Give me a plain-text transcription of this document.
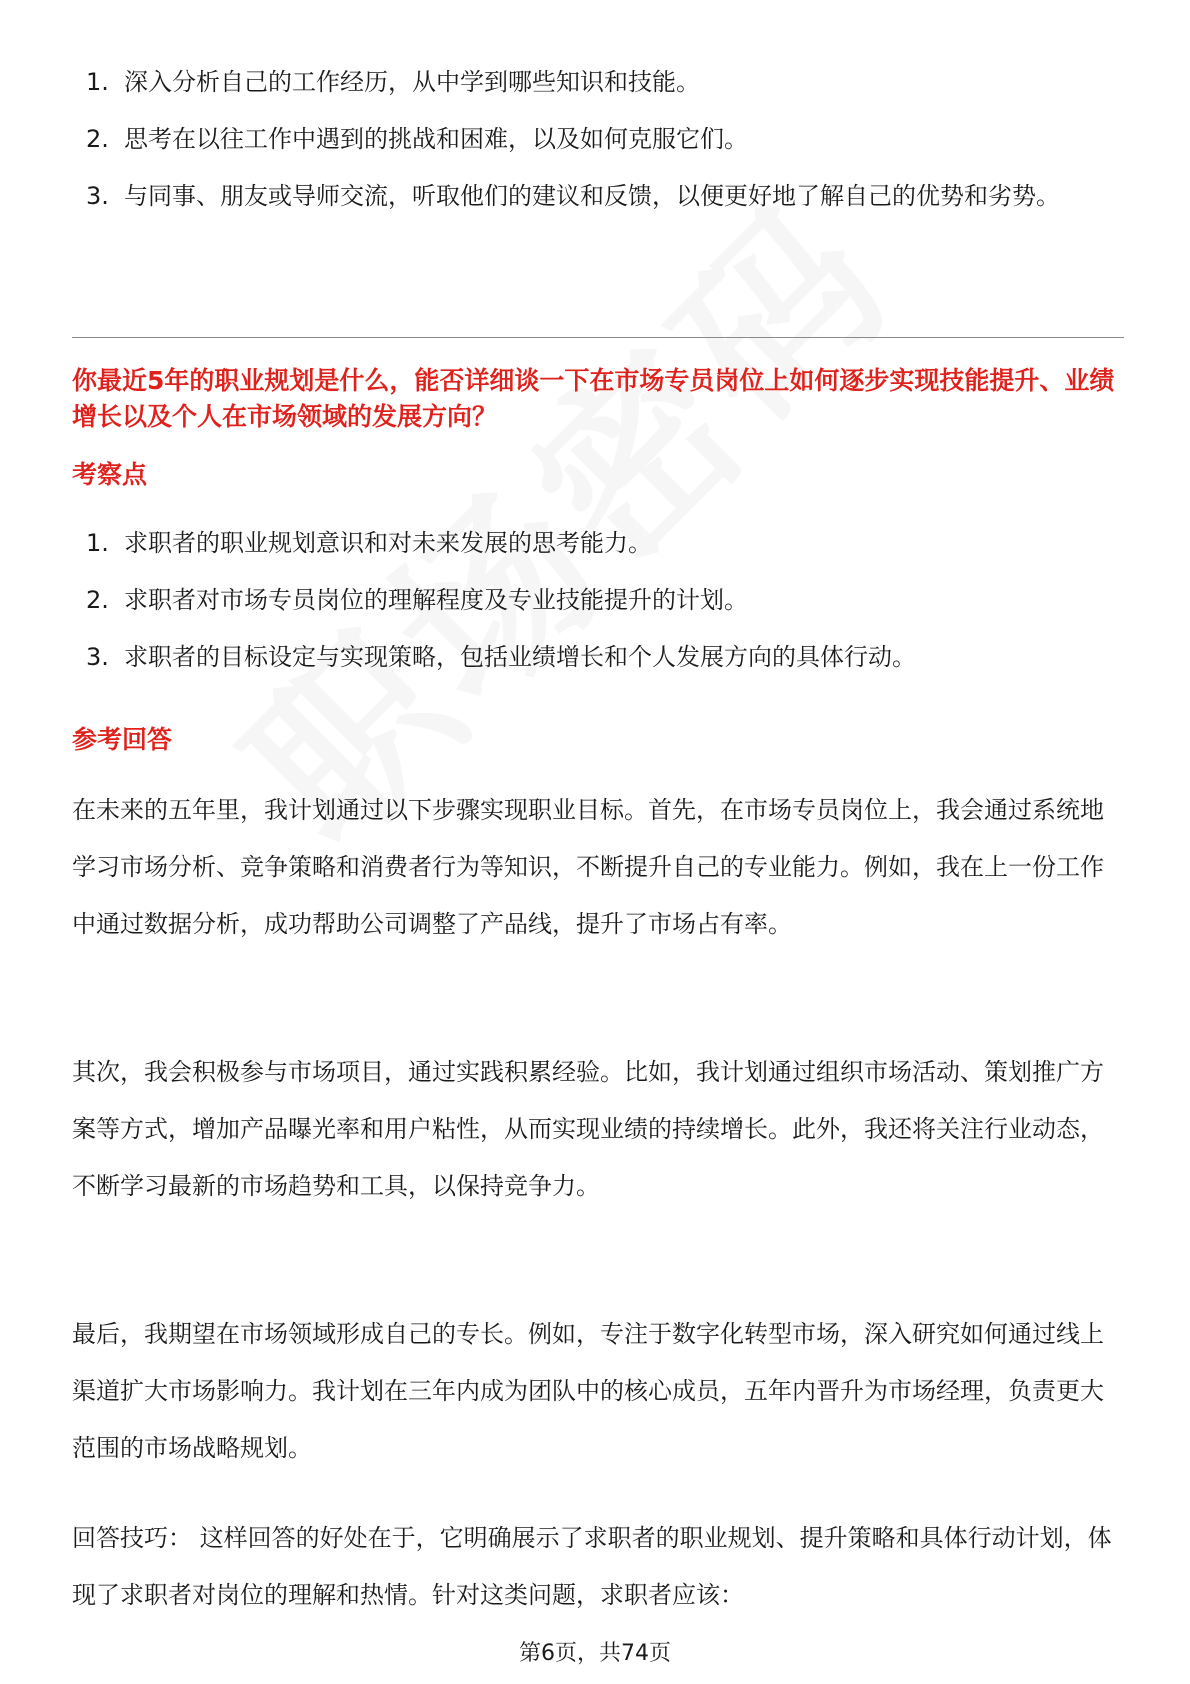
1. 深入分析自己的工作经历，从中学到哪些知识和技能。
2. 思考在以往工作中遇到的挑战和困难，以及如何克服它们。
3. 与同事、朋友或导师交流，听取他们的建议和反馈，以便更好地了解自己的优势和劣势。
你最近5年的职业规划是什么，能否详细谈一下在市场专员岗位上如何逐步实现技能提升、业绩增长以及个人在市场领域的发展方向？
考察点
1. 求职者的职业规划意识和对未来发展的思考能力。
2. 求职者对市场专员岗位的理解程度及专业技能提升的计划。
3. 求职者的目标设定与实现策略，包括业绩增长和个人发展方向的具体行动。
参考回答

在未来的五年里，我计划通过以下步骤实现职业目标。首先，在市场专员岗位上，我会通过系统地学习市场分析、竞争策略和消费者行为等知识，不断提升自己的专业能力。例如，我在上一份工作中通过数据分析，成功帮助公司调整了产品线，提升了市场占有率。

其次，我会积极参与市场项目，通过实践积累经验。比如，我计划通过组织市场活动、策划推广方案等方式，增加产品曝光率和用户粘性，从而实现业绩的持续增长。此外，我还将关注行业动态，不断学习最新的市场趋势和工具，以保持竞争力。

最后，我期望在市场领域形成自己的专长。例如，专注于数字化转型市场，深入研究如何通过线上渠道扩大市场影响力。我计划在三年内成为团队中的核心成员，五年内晋升为市场经理，负责更大范围的市场战略规划。

回答技巧： 这样回答的好处在于，它明确展示了求职者的职业规划、提升策略和具体行动计划，体现了求职者对岗位的理解和热情。针对这类问题，求职者应该：

第6页，共74页
